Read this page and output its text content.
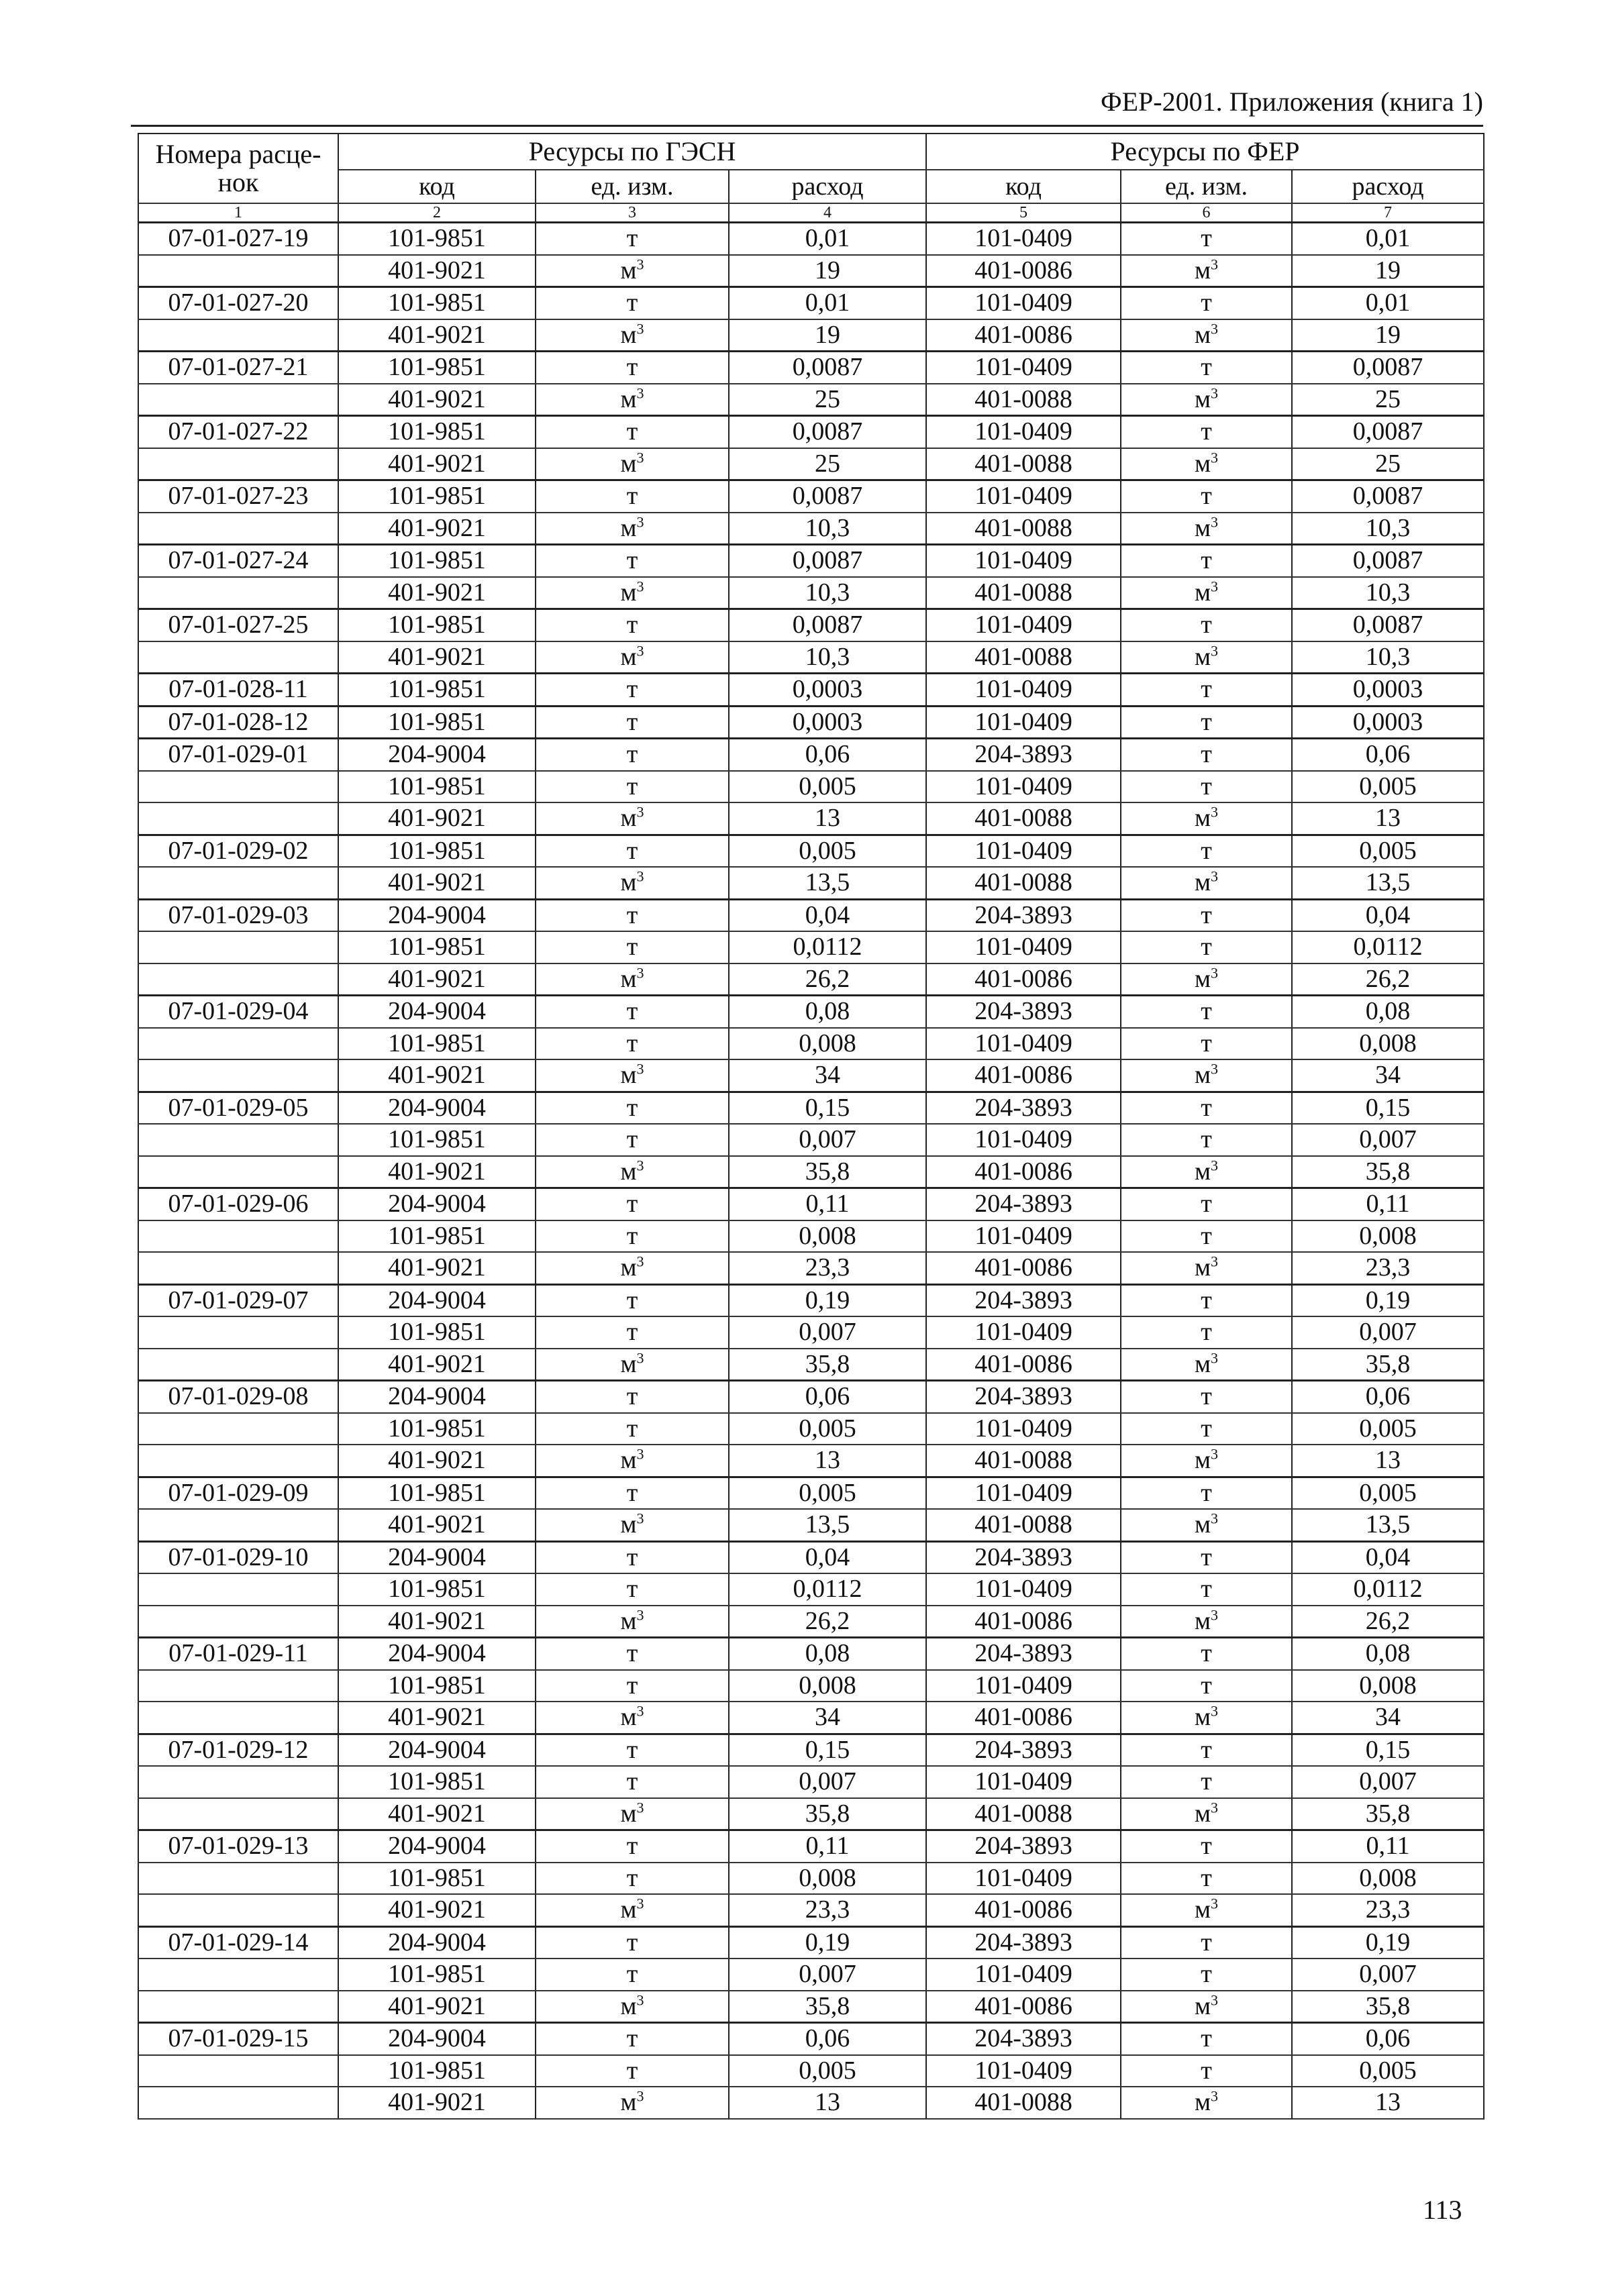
ФЕР-2001. Приложения (книга 1)
Номера расце-нок	Ресурсы по ГЭСН			Ресурсы по ФЕР		
	код	ед. изм.	расход	код	ед. изм.	расход
1	2	3	4	5	6	7
07-01-027-19	101-9851	т	0,01	101-0409	т	0,01
	401-9021	$м^3$	19	401-0086	$м^3$	19
07-01-027-20	101-9851	т	0,01	101-0409	т	0,01
	401-9021	$м^3$	19	401-0086	$м^3$	19
07-01-027-21	101-9851	т	0,0087	101-0409	т	0,0087
	401-9021	$м^3$	25	401-0088	$м^3$	25
07-01-027-22	101-9851	т	0,0087	101-0409	т	0,0087
	401-9021	$м^3$	25	401-0088	$м^3$	25
07-01-027-23	101-9851	т	0,0087	101-0409	т	0,0087
	401-9021	$м^3$	10,3	401-0088	$м^3$	10,3
07-01-027-24	101-9851	т	0,0087	101-0409	т	0,0087
	401-9021	$м^3$	10,3	401-0088	$м^3$	10,3
07-01-027-25	101-9851	т	0,0087	101-0409	т	0,0087
	401-9021	$м^3$	10,3	401-0088	$м^3$	10,3
07-01-028-11	101-9851	т	0,0003	101-0409	т	0,0003
07-01-028-12	101-9851	т	0,0003	101-0409	т	0,0003
07-01-029-01	204-9004	т	0,06	204-3893	т	0,06
	101-9851	т	0,005	101-0409	т	0,005
	401-9021	$м^3$	13	401-0088	$м^3$	13
07-01-029-02	101-9851	т	0,005	101-0409	т	0,005
	401-9021	$м^3$	13,5	401-0088	$м^3$	13,5
07-01-029-03	204-9004	т	0,04	204-3893	т	0,04
	101-9851	т	0,0112	101-0409	т	0,0112
	401-9021	$м^3$	26,2	401-0086	$м^3$	26,2
07-01-029-04	204-9004	т	0,08	204-3893	т	0,08
	101-9851	т	0,008	101-0409	т	0,008
	401-9021	$м^3$	34	401-0086	$м^3$	34
07-01-029-05	204-9004	т	0,15	204-3893	т	0,15
	101-9851	т	0,007	101-0409	т	0,007
	401-9021	$м^3$	35,8	401-0086	$м^3$	35,8
07-01-029-06	204-9004	т	0,11	204-3893	т	0,11
	101-9851	т	0,008	101-0409	т	0,008
	401-9021	$м^3$	23,3	401-0086	$м^3$	23,3
07-01-029-07	204-9004	т	0,19	204-3893	т	0,19
	101-9851	т	0,007	101-0409	т	0,007
	401-9021	$м^3$	35,8	401-0086	$м^3$	35,8
07-01-029-08	204-9004	т	0,06	204-3893	т	0,06
	101-9851	т	0,005	101-0409	т	0,005
	401-9021	$м^3$	13	401-0088	$м^3$	13
07-01-029-09	101-9851	т	0,005	101-0409	т	0,005
	401-9021	$м^3$	13,5	401-0088	$м^3$	13,5
07-01-029-10	204-9004	т	0,04	204-3893	т	0,04
	101-9851	т	0,0112	101-0409	т	0,0112
	401-9021	$м^3$	26,2	401-0086	$м^3$	26,2
07-01-029-11	204-9004	т	0,08	204-3893	т	0,08
	101-9851	т	0,008	101-0409	т	0,008
	401-9021	$м^3$	34	401-0086	$м^3$	34
07-01-029-12	204-9004	т	0,15	204-3893	т	0,15
	101-9851	т	0,007	101-0409	т	0,007
	401-9021	$м^3$	35,8	401-0088	$м^3$	35,8
07-01-029-13	204-9004	т	0,11	204-3893	т	0,11
	101-9851	т	0,008	101-0409	т	0,008
	401-9021	$м^3$	23,3	401-0086	$м^3$	23,3
07-01-029-14	204-9004	т	0,19	204-3893	т	0,19
	101-9851	т	0,007	101-0409	т	0,007
	401-9021	$м^3$	35,8	401-0086	$м^3$	35,8
07-01-029-15	204-9004	т	0,06	204-3893	т	0,06
	101-9851	т	0,005	101-0409	т	0,005
	401-9021	$м^3$	13	401-0088	$м^3$	13
113
